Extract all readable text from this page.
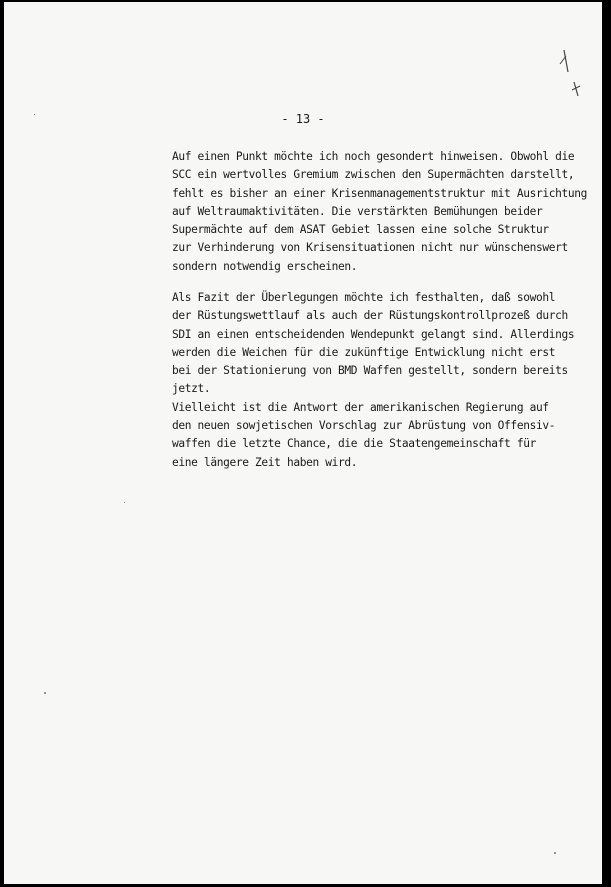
- 13 -

Auf einen Punkt möchte ich noch gesondert hinweisen. Obwohl die
SCC ein wertvolles Gremium zwischen den Supermächten darstellt,
fehlt es bisher an einer Krisenmanagementstruktur mit Ausrichtung
auf Weltraumaktivitäten. Die verstärkten Bemühungen beider
Supermächte auf dem ASAT Gebiet lassen eine solche Struktur
zur Verhinderung von Krisensituationen nicht nur wünschenswert
sondern notwendig erscheinen.

Als Fazit der Überlegungen möchte ich festhalten, daß sowohl
der Rüstungswettlauf als auch der Rüstungskontrollprozeß durch
SDI an einen entscheidenden Wendepunkt gelangt sind. Allerdings
werden die Weichen für die zukünftige Entwicklung nicht erst
bei der Stationierung von BMD Waffen gestellt, sondern bereits jetzt.
Vielleicht ist die Antwort der amerikanischen Regierung auf
den neuen sowjetischen Vorschlag zur Abrüstung von Offensiv-
waffen die letzte Chance, die die Staatengemeinschaft für
eine längere Zeit haben wird.
